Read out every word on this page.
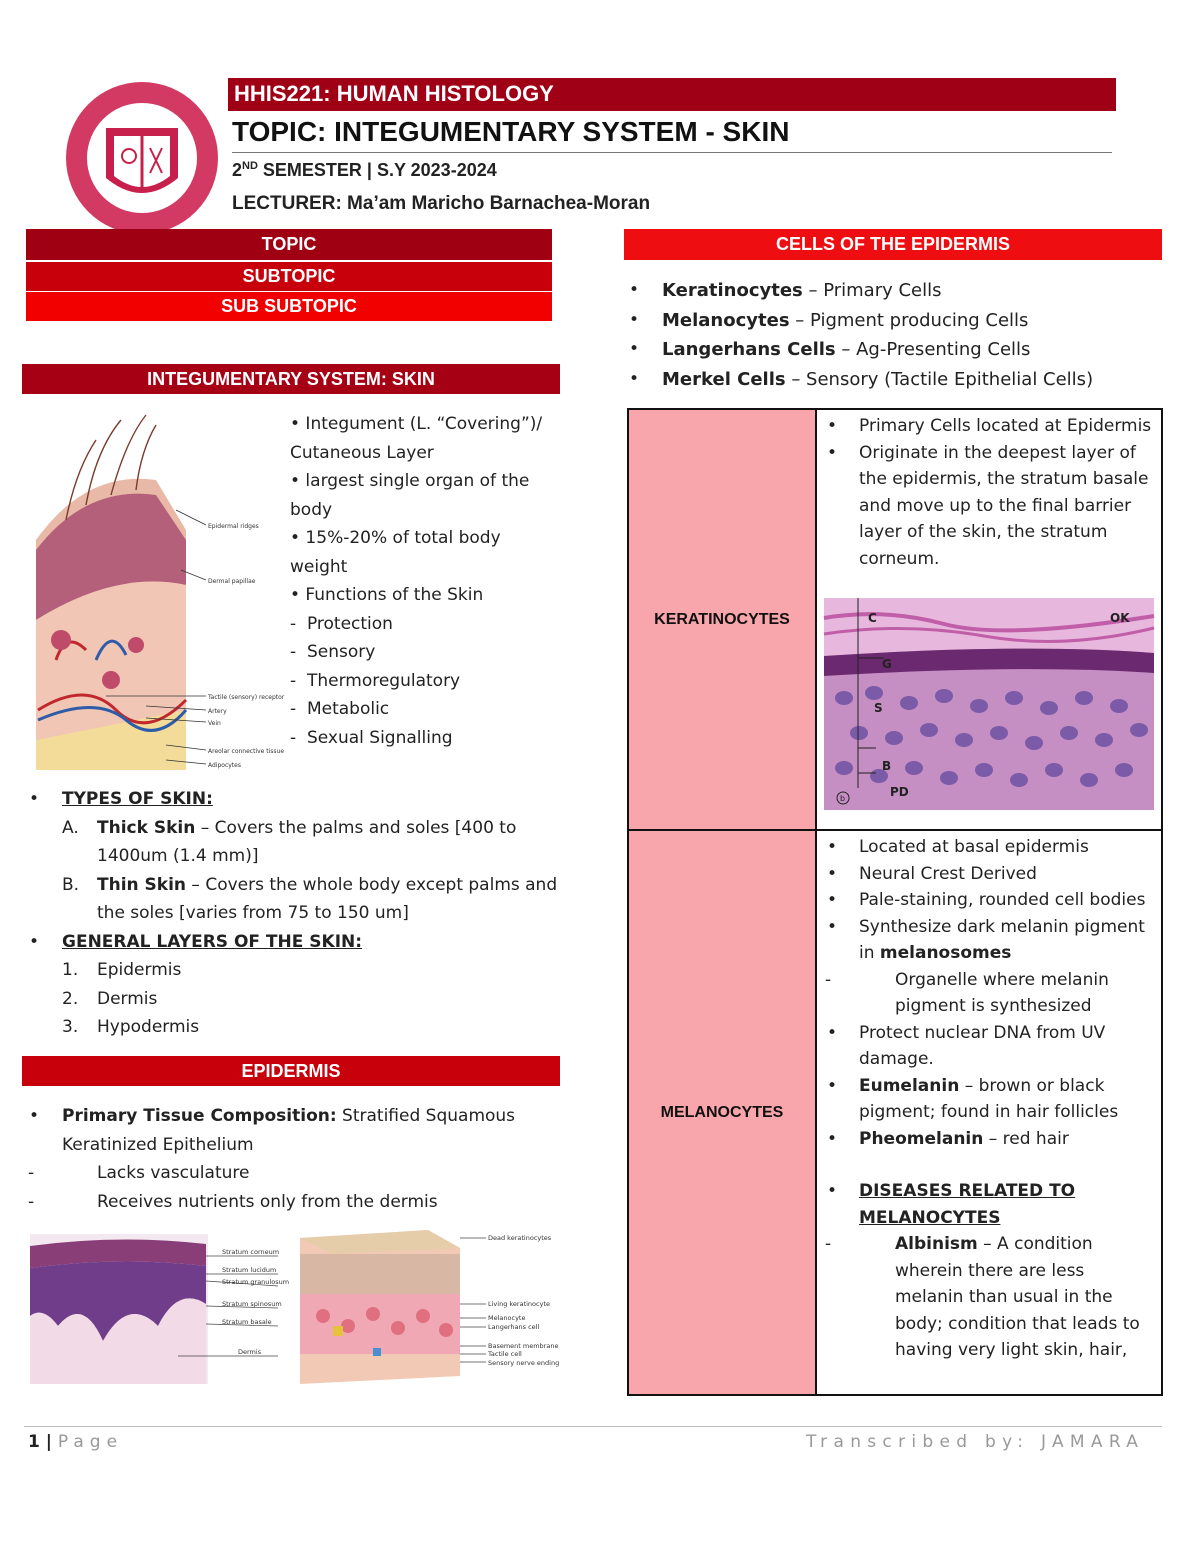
· · ·
HHIS221: HUMAN HISTOLOGY
TOPIC: INTEGUMENTARY SYSTEM - SKIN
2ND SEMESTER | S.Y 2023-2024
LECTURER: Ma’am Maricho Barnachea-Moran
TOPIC
SUBTOPIC
SUB SUBTOPIC
INTEGUMENTARY SYSTEM: SKIN
Epidermal ridges
Dermal papillae
Tactile (sensory) receptor
Artery
Vein
Areolar connective tissue
Adipocytes
• Integument (L. “Covering”)/ Cutaneous Layer
• largest single organ of the body
• 15%-20% of total body weight
• Functions of the Skin
-  Protection
-  Sensory
-  Thermoregulatory
-  Metabolic
-  Sexual Signalling
• TYPES OF SKIN:
A. Thick Skin – Covers the palms and soles [400 to 1400um (1.4 mm)]
B. Thin Skin – Covers the whole body except palms and the soles [varies from 75 to 150 um]
• GENERAL LAYERS OF THE SKIN:
1. Epidermis
2. Dermis
3. Hypodermis
EPIDERMIS
• Primary Tissue Composition: Stratified Squamous Keratinized Epithelium
- Lacks vasculature
- Receives nutrients only from the dermis
Stratum corneum
Stratum lucidum
Stratum granulosum
Stratum spinosum
Stratum basale
Dermis
Dead keratinocytes
Living keratinocyte
Melanocyte
Langerhans cell
Basement membrane
Tactile cell
Sensory nerve ending
CELLS OF THE EPIDERMIS
• Keratinocytes – Primary Cells
• Melanocytes – Pigment producing Cells
• Langerhans Cells – Ag-Presenting Cells
• Merkel Cells – Sensory (Tactile Epithelial Cells)
KERATINOCYTES
MELANOCYTES
• Primary Cells located at Epidermis
• Originate in the deepest layer of the epidermis, the stratum basale and move up to the final barrier layer of the skin, the stratum corneum.
C	OK
G
S
B
PD
b
• Located at basal epidermis
• Neural Crest Derived
• Pale-staining, rounded cell bodies
• Synthesize dark melanin pigment in melanosomes
- Organelle where melanin pigment is synthesized
• Protect nuclear DNA from UV damage.
• Eumelanin – brown or black pigment; found in hair follicles
• Pheomelanin – red hair
• DISEASES RELATED TO MELANOCYTES
- Albinism – A condition wherein there are less melanin than usual in the body; condition that leads to having very light skin, hair,
1 | Page	Transcribed by: JAMARA
